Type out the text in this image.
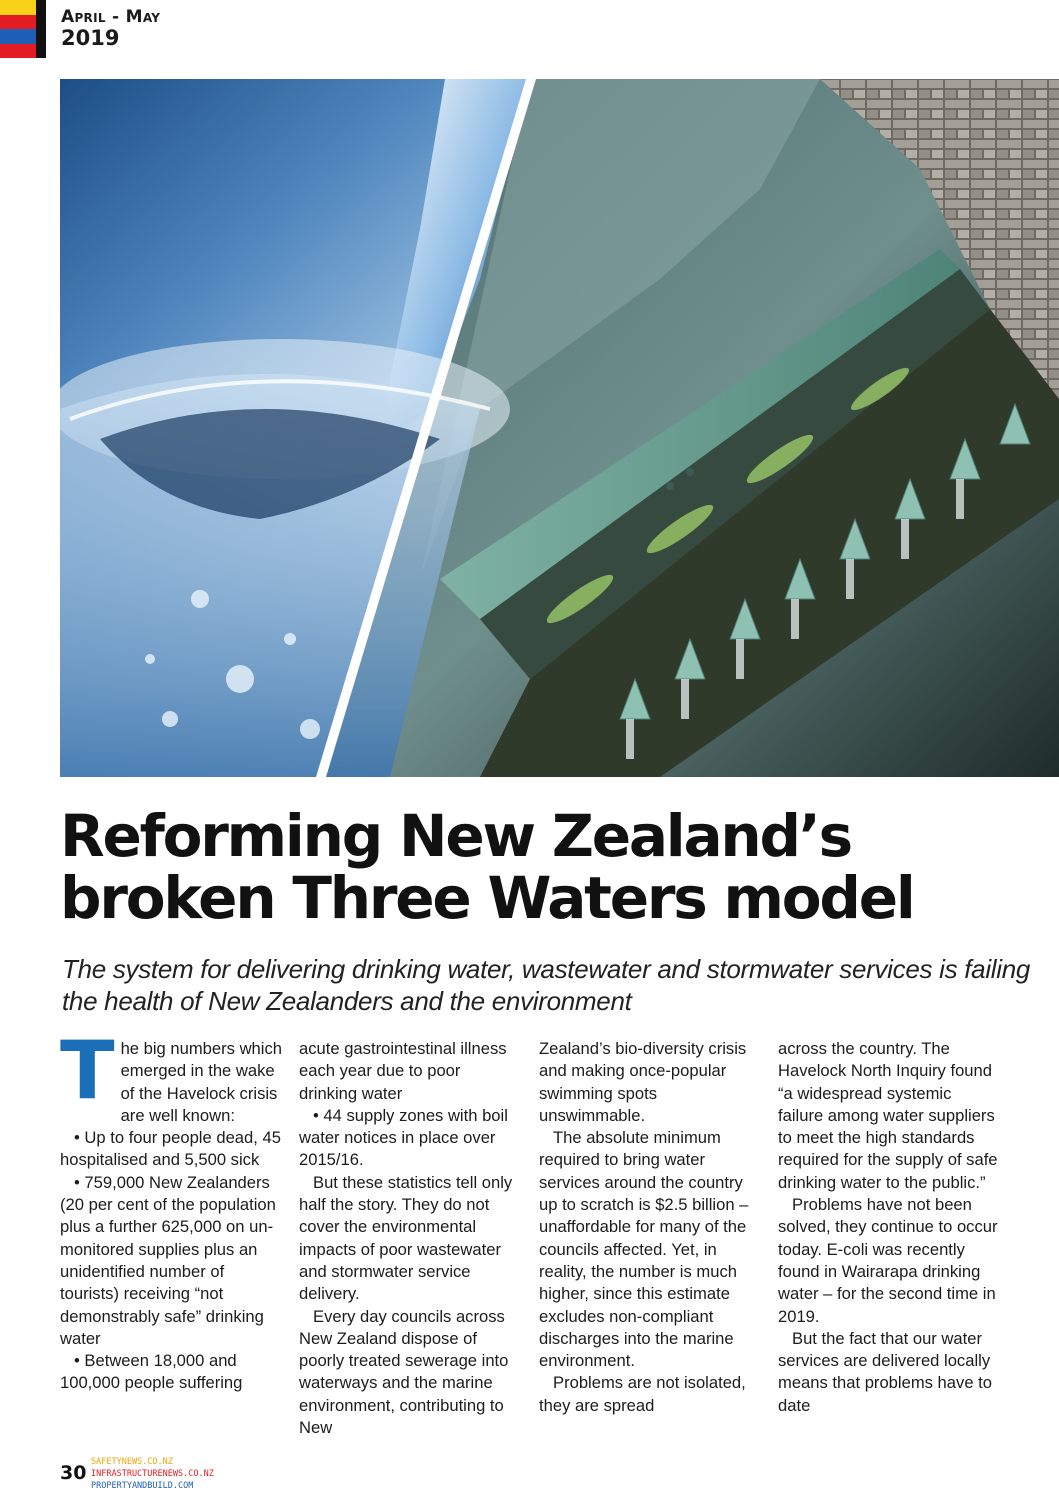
April - May
2019
Reforming New Zealand’s
broken Three Waters model

The system for delivering drinking water, wastewater and stormwater services is failing the health of New Zealanders and the environment

The big numbers which emerged in the wake of the Havelock crisis are well known:

• Up to four people dead, 45 hospitalised and 5,500 sick

• 759,000 New Zealanders (20 per cent of the population plus a further 625,000 on un-monitored supplies plus an unidentified number of tourists) receiving “not demonstrably safe” drinking water

• Between 18,000 and 100,000 people suffering

acute gastrointestinal illness each year due to poor drinking water

• 44 supply zones with boil water notices in place over 2015/16.

But these statistics tell only half the story. They do not cover the environmental impacts of poor wastewater and stormwater service delivery.

Every day councils across New Zealand dispose of poorly treated sewerage into waterways and the marine environment, contributing to New

Zealand’s bio-diversity crisis and making once-popular swimming spots unswimmable.

The absolute minimum required to bring water services around the country up to scratch is $2.5 billion – unaffordable for many of the councils affected. Yet, in reality, the number is much higher, since this estimate excludes non-compliant discharges into the marine environment.

Problems are not isolated, they are spread

across the country. The Havelock North Inquiry found “a widespread systemic failure among water suppliers to meet the high standards required for the supply of safe drinking water to the public.”

Problems have not been solved, they continue to occur today. E-coli was recently found in Wairarapa drinking water – for the second time in 2019.

But the fact that our water services are delivered locally means that problems have to date

30 SAFETYNEWS.CO.NZ
INFRASTRUCTURENEWS.CO.NZ
PROPERTYANDBUILD.COM
